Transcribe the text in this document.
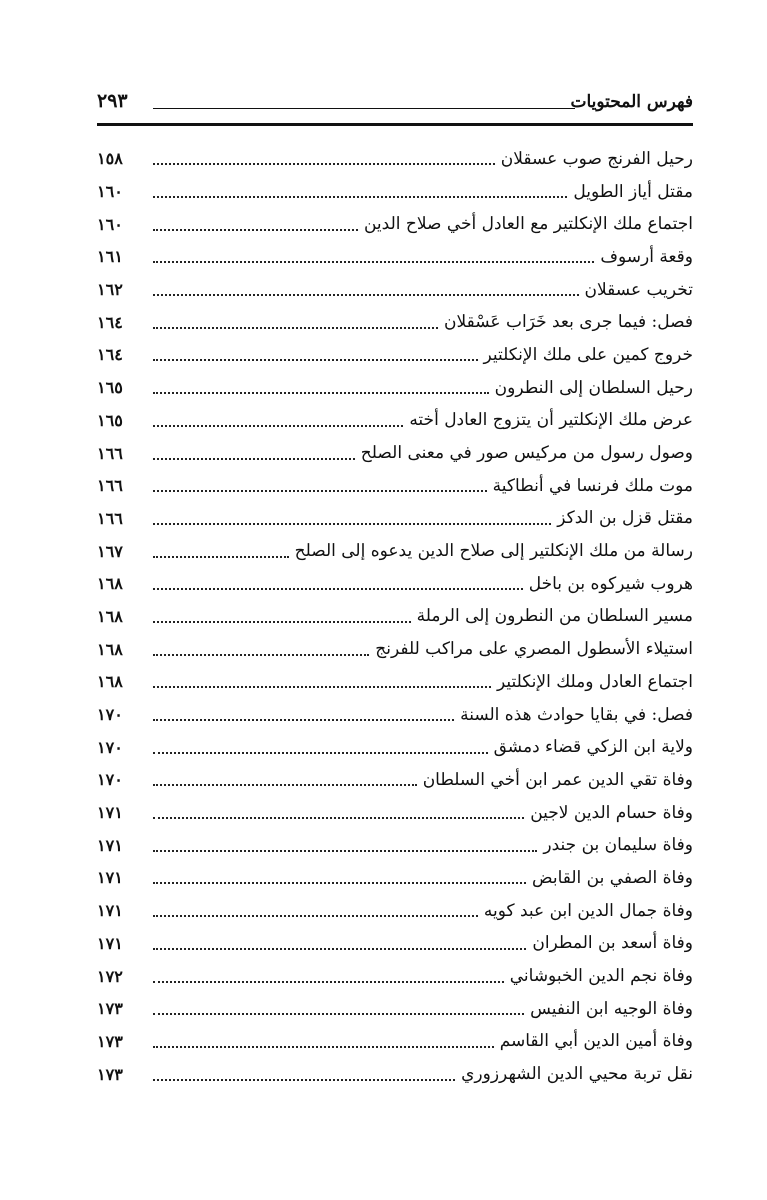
فهرس المحتويات
٢٩٣
رحيل الفرنج صوب عسقلان
١٥٨
مقتل أياز الطويل
١٦٠
اجتماع ملك الإنكلتير مع العادل أخي صلاح الدين
١٦٠
وقعة أرسوف
١٦١
تخريب عسقلان
١٦٢
فصل: فيما جرى بعد خَرَاب عَسْقلان
١٦٤
خروج كمين على ملك الإنكلتير
١٦٤
رحيل السلطان إلى النطرون
١٦٥
عرض ملك الإنكلتير أن يتزوج العادل أخته
١٦٥
وصول رسول من مركيس صور في معنى الصلح
١٦٦
موت ملك فرنسا في أنطاكية
١٦٦
مقتل قزل بن الدكز
١٦٦
رسالة من ملك الإنكلتير إلى صلاح الدين يدعوه إلى الصلح
١٦٧
هروب شيركوه بن باخل
١٦٨
مسير السلطان من النطرون إلى الرملة
١٦٨
استيلاء الأسطول المصري على مراكب للفرنج
١٦٨
اجتماع العادل وملك الإنكلتير
١٦٨
فصل: في بقايا حوادث هذه السنة
١٧٠
ولاية ابن الزكي قضاء دمشق
١٧٠
وفاة تقي الدين عمر ابن أخي السلطان
١٧٠
وفاة حسام الدين لاجين
١٧١
وفاة سليمان بن جندر
١٧١
وفاة الصفي بن القابض
١٧١
وفاة جمال الدين ابن عبد كويه
١٧١
وفاة أسعد بن المطران
١٧١
وفاة نجم الدين الخبوشاني
١٧٢
وفاة الوجيه ابن النفيس
١٧٣
وفاة أمين الدين أبي القاسم
١٧٣
نقل تربة محيي الدين الشهرزوري
١٧٣
